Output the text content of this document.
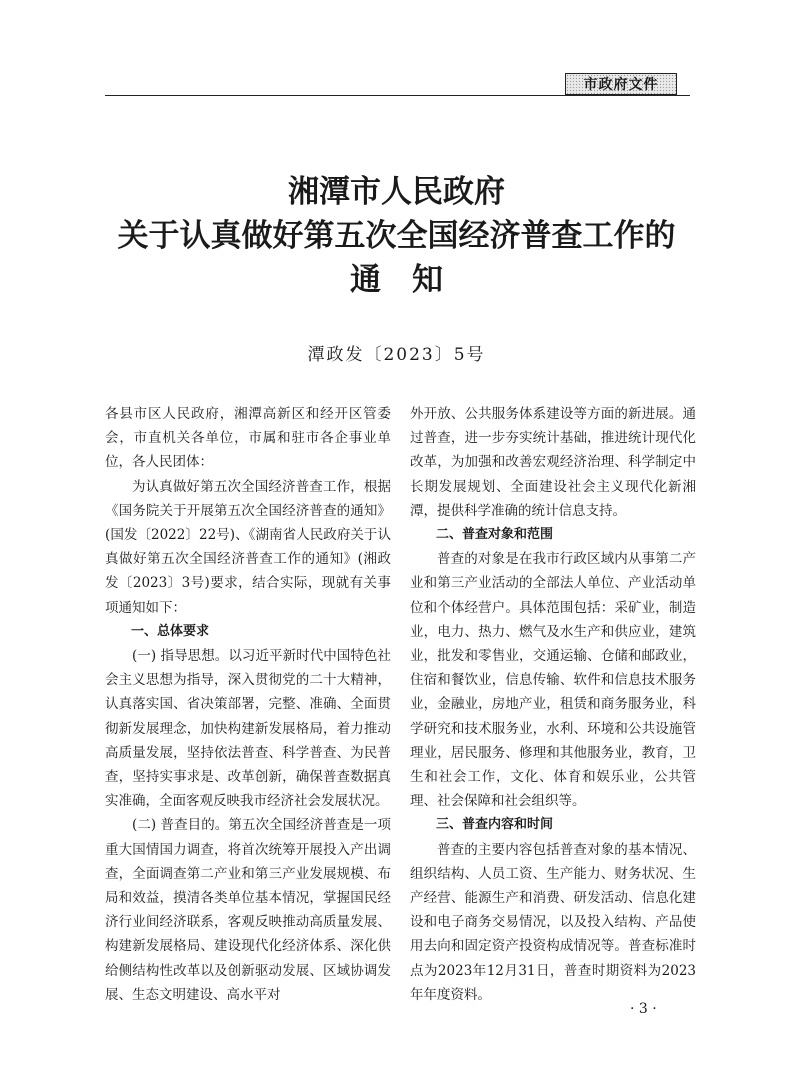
市政府文件
湘潭市人民政府
关于认真做好第五次全国经济普查工作的
通　知
潭政发〔2023〕5号

各县市区人民政府，湘潭高新区和经开区管委会，市直机关各单位，市属和驻市各企事业单位，各人民团体：

为认真做好第五次全国经济普查工作，根据《国务院关于开展第五次全国经济普查的通知》(国发〔2022〕22号)、《湖南省人民政府关于认真做好第五次全国经济普查工作的通知》(湘政发〔2023〕3号)要求，结合实际，现就有关事项通知如下：

一、总体要求

(一) 指导思想。以习近平新时代中国特色社会主义思想为指导，深入贯彻党的二十大精神，认真落实国、省决策部署，完整、准确、全面贯彻新发展理念，加快构建新发展格局，着力推动高质量发展，坚持依法普查、科学普查、为民普查，坚持实事求是、改革创新，确保普查数据真实准确，全面客观反映我市经济社会发展状况。

(二) 普查目的。第五次全国经济普查是一项重大国情国力调查，将首次统筹开展投入产出调查，全面调查第二产业和第三产业发展规模、布局和效益，摸清各类单位基本情况，掌握国民经济行业间经济联系，客观反映推动高质量发展、构建新发展格局、建设现代化经济体系、深化供给侧结构性改革以及创新驱动发展、区域协调发展、生态文明建设、高水平对

外开放、公共服务体系建设等方面的新进展。通过普查，进一步夯实统计基础，推进统计现代化改革，为加强和改善宏观经济治理、科学制定中长期发展规划、全面建设社会主义现代化新湘潭，提供科学准确的统计信息支持。

二、普查对象和范围

普查的对象是在我市行政区域内从事第二产业和第三产业活动的全部法人单位、产业活动单位和个体经营户。具体范围包括：采矿业，制造业，电力、热力、燃气及水生产和供应业，建筑业，批发和零售业，交通运输、仓储和邮政业，住宿和餐饮业，信息传输、软件和信息技术服务业，金融业，房地产业，租赁和商务服务业，科学研究和技术服务业，水利、环境和公共设施管理业，居民服务、修理和其他服务业，教育，卫生和社会工作，文化、体育和娱乐业，公共管理、社会保障和社会组织等。

三、普查内容和时间

普查的主要内容包括普查对象的基本情况、组织结构、人员工资、生产能力、财务状况、生产经营、能源生产和消费、研发活动、信息化建设和电子商务交易情况，以及投入结构、产品使用去向和固定资产投资构成情况等。普查标准时点为2023年12月31日，普查时期资料为2023年年度资料。

· 3 ·
